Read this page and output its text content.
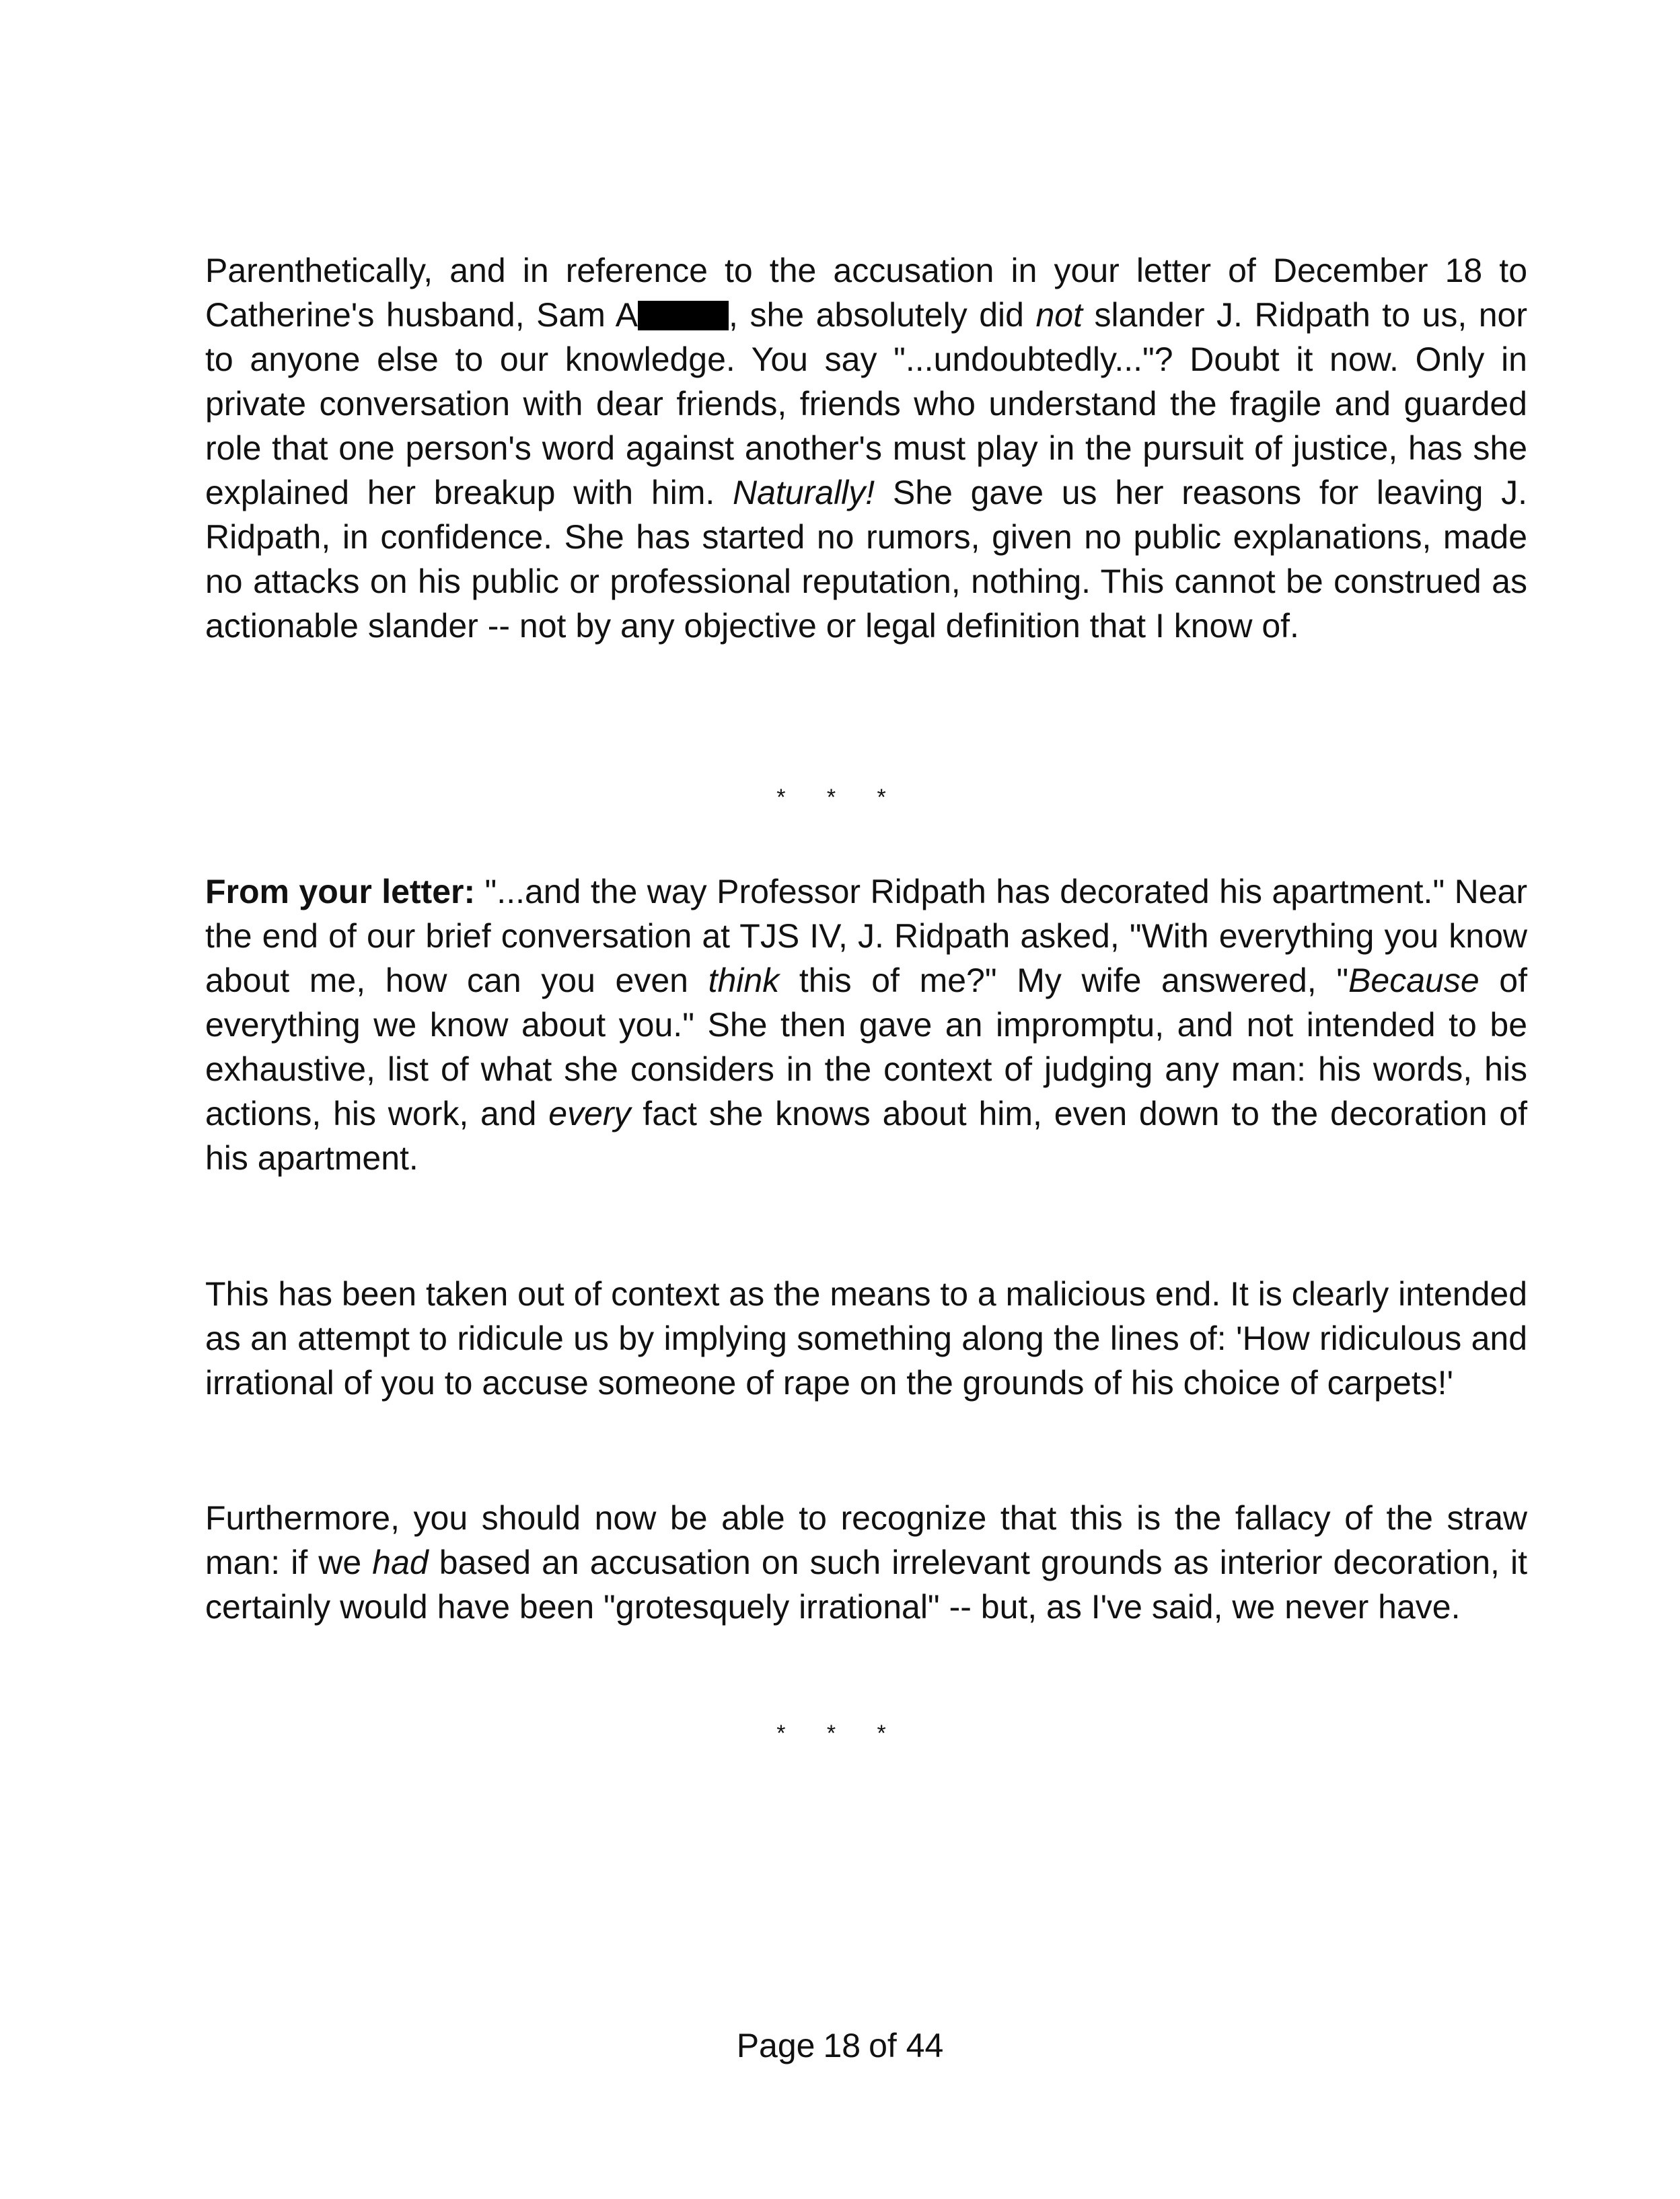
Parenthetically, and in reference to the accusation in your letter of December 18 to Catherine's husband, Sam A	, she absolutely did not slander J. Ridpath to us, nor to anyone else to our knowledge. You say "...undoubtedly..."? Doubt it now. Only in private conversation with dear friends, friends who understand the fragile and guarded role that one person's word against another's must play in the pursuit of justice, has she explained her breakup with him. Naturally! She gave us her reasons for leaving J. Ridpath, in confidence. She has started no rumors, given no public explanations, made no attacks on his public or professional reputation, nothing. This cannot be construed as actionable slander -- not by any objective or legal definition that I know of.

* * *

From your letter: "...and the way Professor Ridpath has decorated his apartment." Near the end of our brief conversation at TJS IV, J. Ridpath asked, "With everything you know about me, how can you even think this of me?" My wife answered, "Because of everything we know about you." She then gave an impromptu, and not intended to be exhaustive, list of what she considers in the context of judging any man: his words, his actions, his work, and every fact she knows about him, even down to the decoration of his apartment.

This has been taken out of context as the means to a malicious end. It is clearly intended as an attempt to ridicule us by implying something along the lines of: 'How ridiculous and irrational of you to accuse someone of rape on the grounds of his choice of carpets!'

Furthermore, you should now be able to recognize that this is the fallacy of the straw man: if we had based an accusation on such irrelevant grounds as interior decoration, it certainly would have been "grotesquely irrational" -- but, as I've said, we never have.

* * *
Page 18 of 44
